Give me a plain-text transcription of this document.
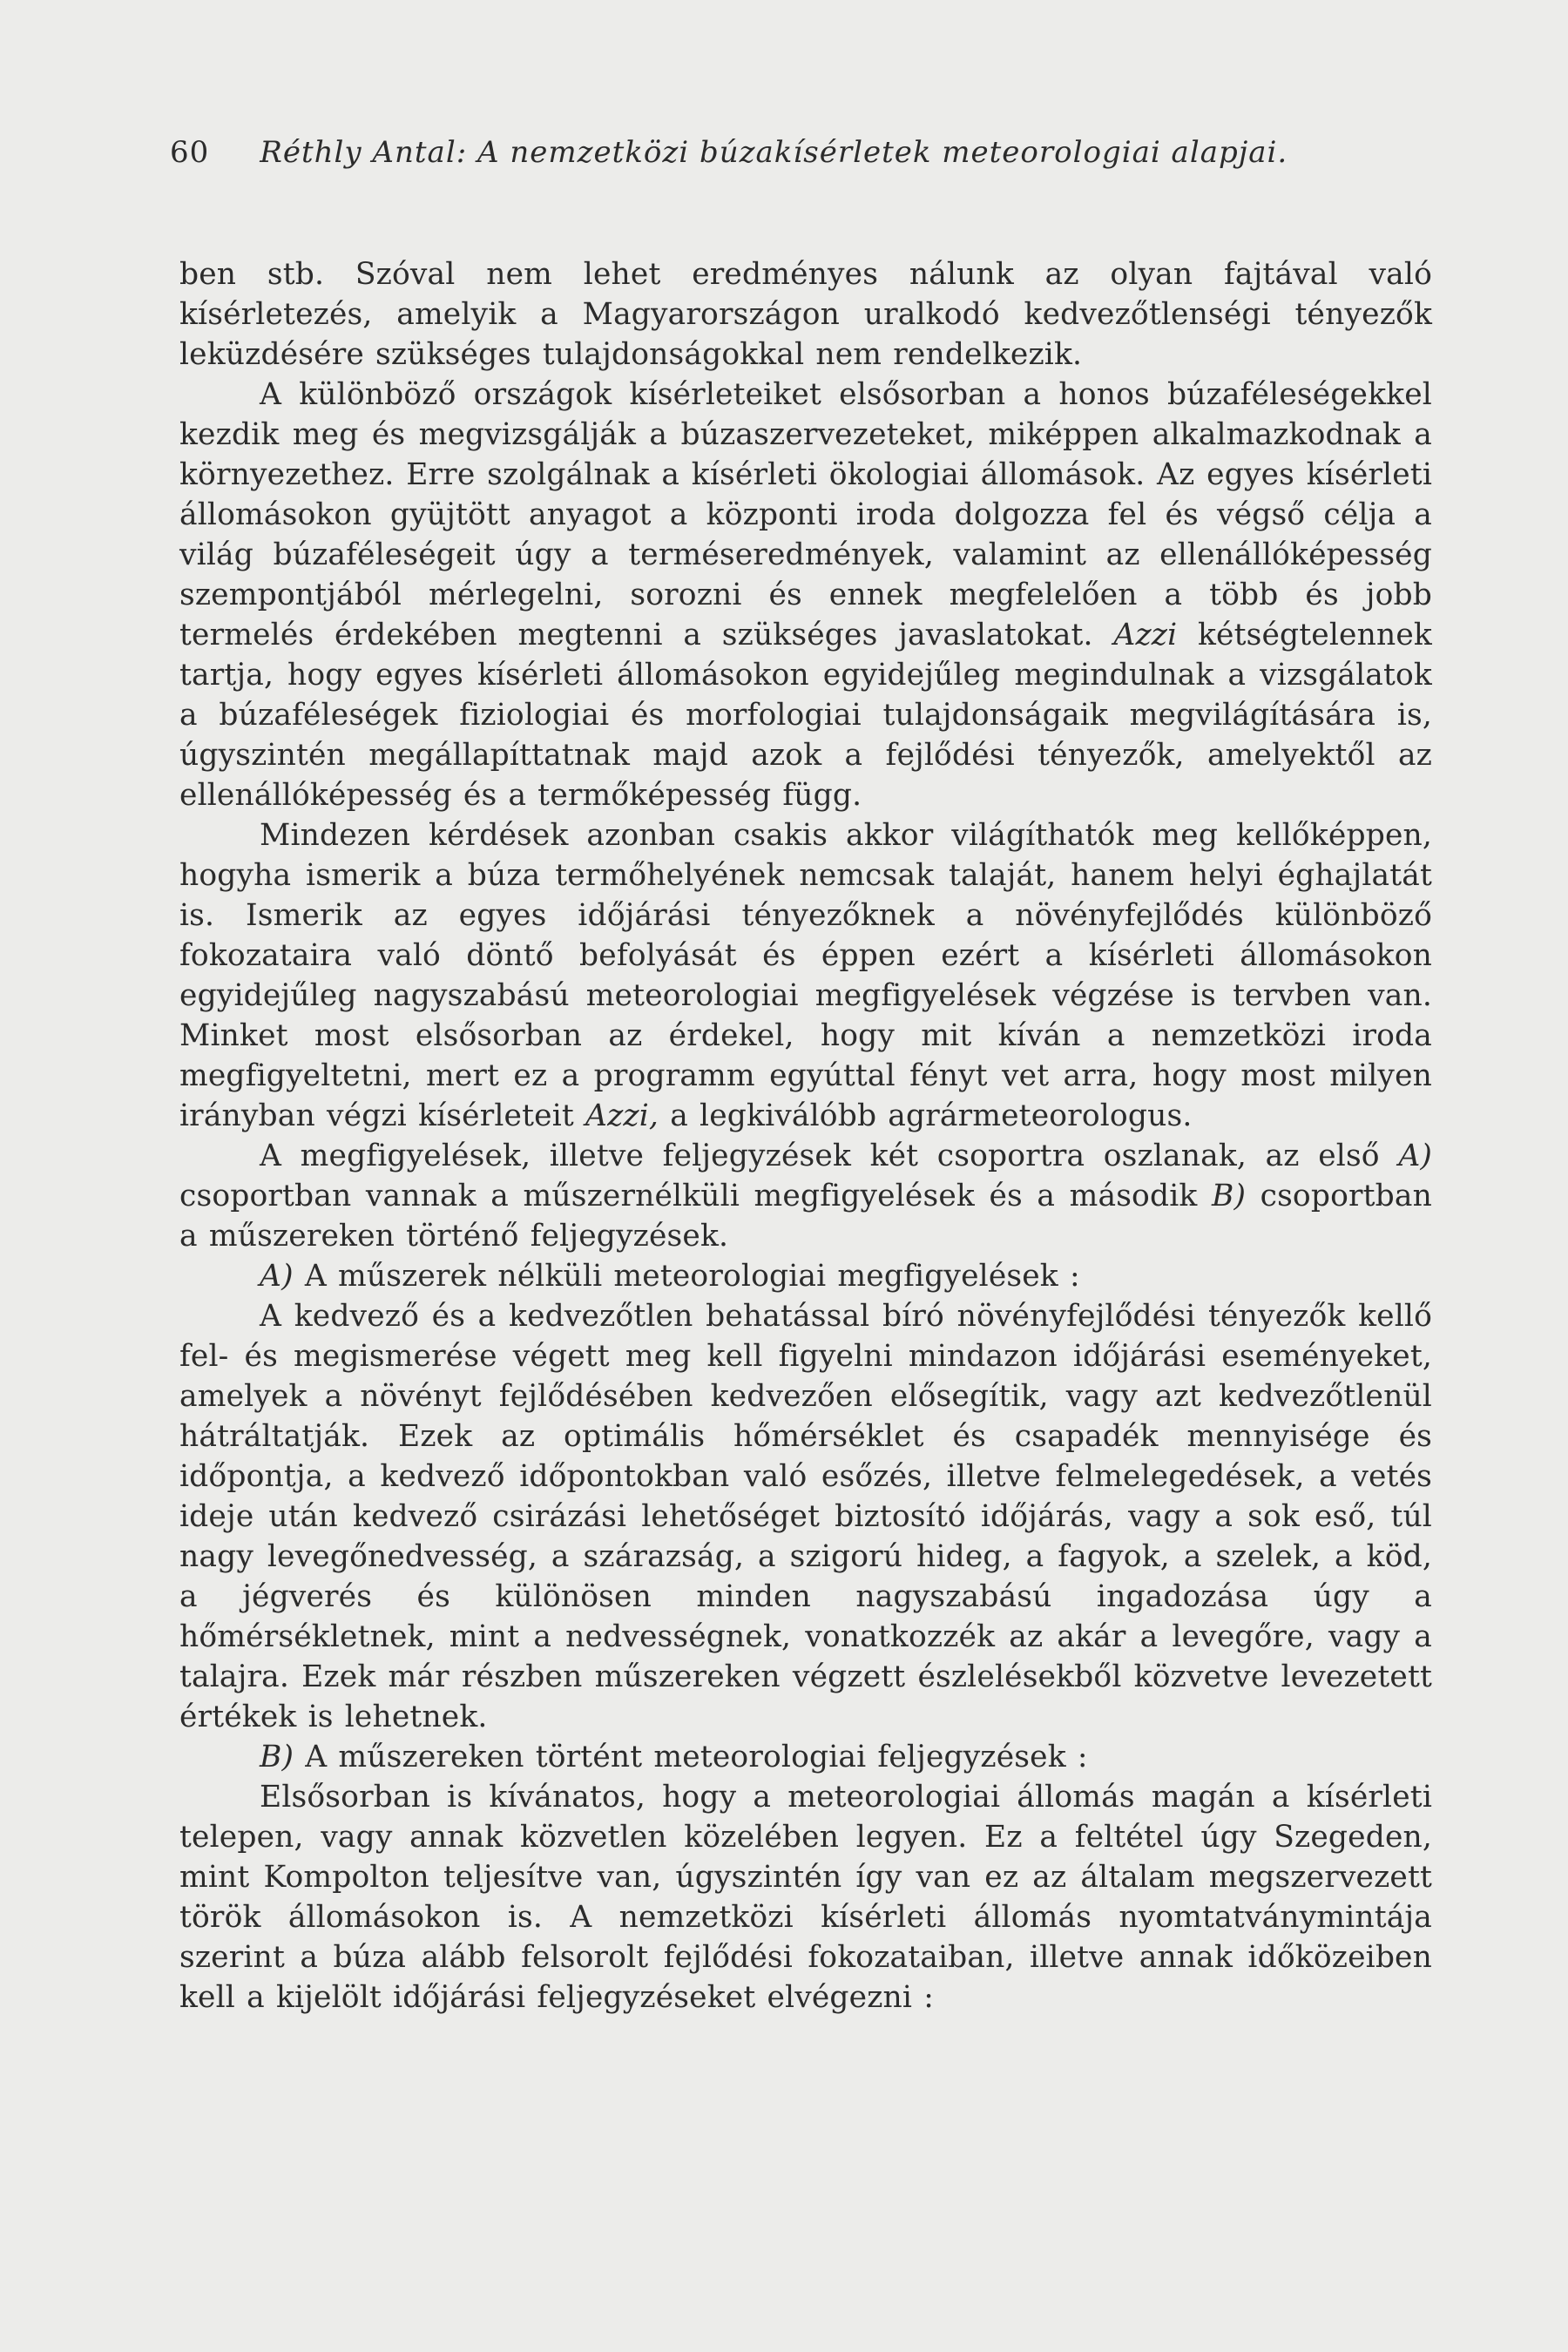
60 Réthly Antal: A nemzetközi búzakísérletek meteorologiai alapjai.

ben stb. Szóval nem lehet eredményes nálunk az olyan fajtával való kísérletezés, amelyik a Magyarországon uralkodó kedvezőtlenségi tényezők leküzdésére szükséges tulajdonságokkal nem rendelkezik.

A különböző országok kísérleteiket elsősorban a honos búzaféleségekkel kezdik meg és megvizsgálják a búzaszervezeteket, miképpen alkalmazkodnak a környezethez. Erre szolgálnak a kísérleti ökologiai állomások. Az egyes kísérleti állomásokon gyüjtött anyagot a központi iroda dolgozza fel és végső célja a világ búzaféleségeit úgy a terméseredmények, valamint az ellenállóképesség szempontjából mérlegelni, sorozni és ennek megfelelően a több és jobb termelés érdekében megtenni a szükséges javaslatokat. Azzi kétségtelennek tartja, hogy egyes kísérleti állomásokon egyidejűleg megindulnak a vizsgálatok a búzaféleségek fiziologiai és morfologiai tulajdonságaik megvilágítására is, úgyszintén megállapíttatnak majd azok a fejlődési tényezők, amelyektől az ellenállóképesség és a termőképesség függ.

Mindezen kérdések azonban csakis akkor világíthatók meg kellőképpen, hogyha ismerik a búza termőhelyének nemcsak talaját, hanem helyi éghajlatát is. Ismerik az egyes időjárási tényezőknek a növényfejlődés különböző fokozataira való döntő befolyását és éppen ezért a kísérleti állomásokon egyidejűleg nagyszabású meteorologiai megfigyelések végzése is tervben van. Minket most elsősorban az érdekel, hogy mit kíván a nemzetközi iroda megfigyeltetni, mert ez a programm egyúttal fényt vet arra, hogy most milyen irányban végzi kísérleteit Azzi, a legkiválóbb agrármeteorologus.

A megfigyelések, illetve feljegyzések két csoportra oszlanak, az első A) csoportban vannak a műszernélküli megfigyelések és a második B) csoportban a műszereken történő feljegyzések.

A) A műszerek nélküli meteorologiai megfigyelések :

A kedvező és a kedvezőtlen behatással bíró növényfejlődési tényezők kellő fel- és megismerése végett meg kell figyelni mindazon időjárási eseményeket, amelyek a növényt fejlődésében kedvezően elősegítik, vagy azt kedvezőtlenül hátráltatják. Ezek az optimális hőmérséklet és csapadék mennyisége és időpontja, a kedvező időpontokban való esőzés, illetve felmelegedések, a vetés ideje után kedvező csirázási lehetőséget biztosító időjárás, vagy a sok eső, túl nagy levegőnedvesség, a szárazság, a szigorú hideg, a fagyok, a szelek, a köd, a jégverés és különösen minden nagyszabású ingadozása úgy a hőmérsékletnek, mint a nedvességnek, vonatkozzék az akár a levegőre, vagy a talajra. Ezek már részben műszereken végzett észlelésekből közvetve levezetett értékek is lehetnek.

B) A műszereken történt meteorologiai feljegyzések :

Elsősorban is kívánatos, hogy a meteorologiai állomás magán a kísérleti telepen, vagy annak közvetlen közelében legyen. Ez a feltétel úgy Szegeden, mint Kompolton teljesítve van, úgyszintén így van ez az általam megszervezett török állomásokon is. A nemzetközi kísérleti állomás nyomtatványmintája szerint a búza alább felsorolt fejlődési fokozataiban, illetve annak időközeiben kell a kijelölt időjárási feljegyzéseket elvégezni :
